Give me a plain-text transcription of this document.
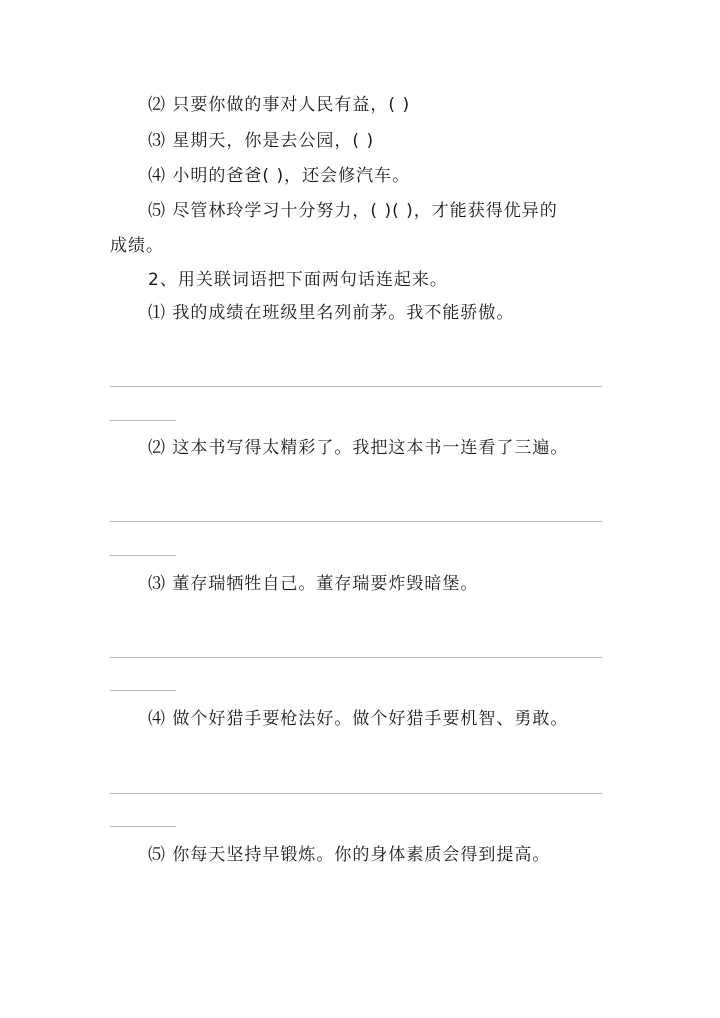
⑵ 只要你做的事对人民有益，( )
⑶ 星期天，你是去公园，( )
⑷ 小明的爸爸( )，还会修汽车。
⑸ 尽管林玲学习十分努力，( )( )，才能获得优异的
成绩。
2、用关联词语把下面两句话连起来。
⑴ 我的成绩在班级里名列前茅。我不能骄傲。
⑵ 这本书写得太精彩了。我把这本书一连看了三遍。
⑶ 董存瑞牺牲自己。董存瑞要炸毁暗堡。
⑷ 做个好猎手要枪法好。做个好猎手要机智、勇敢。
⑸ 你每天坚持早锻炼。你的身体素质会得到提高。
